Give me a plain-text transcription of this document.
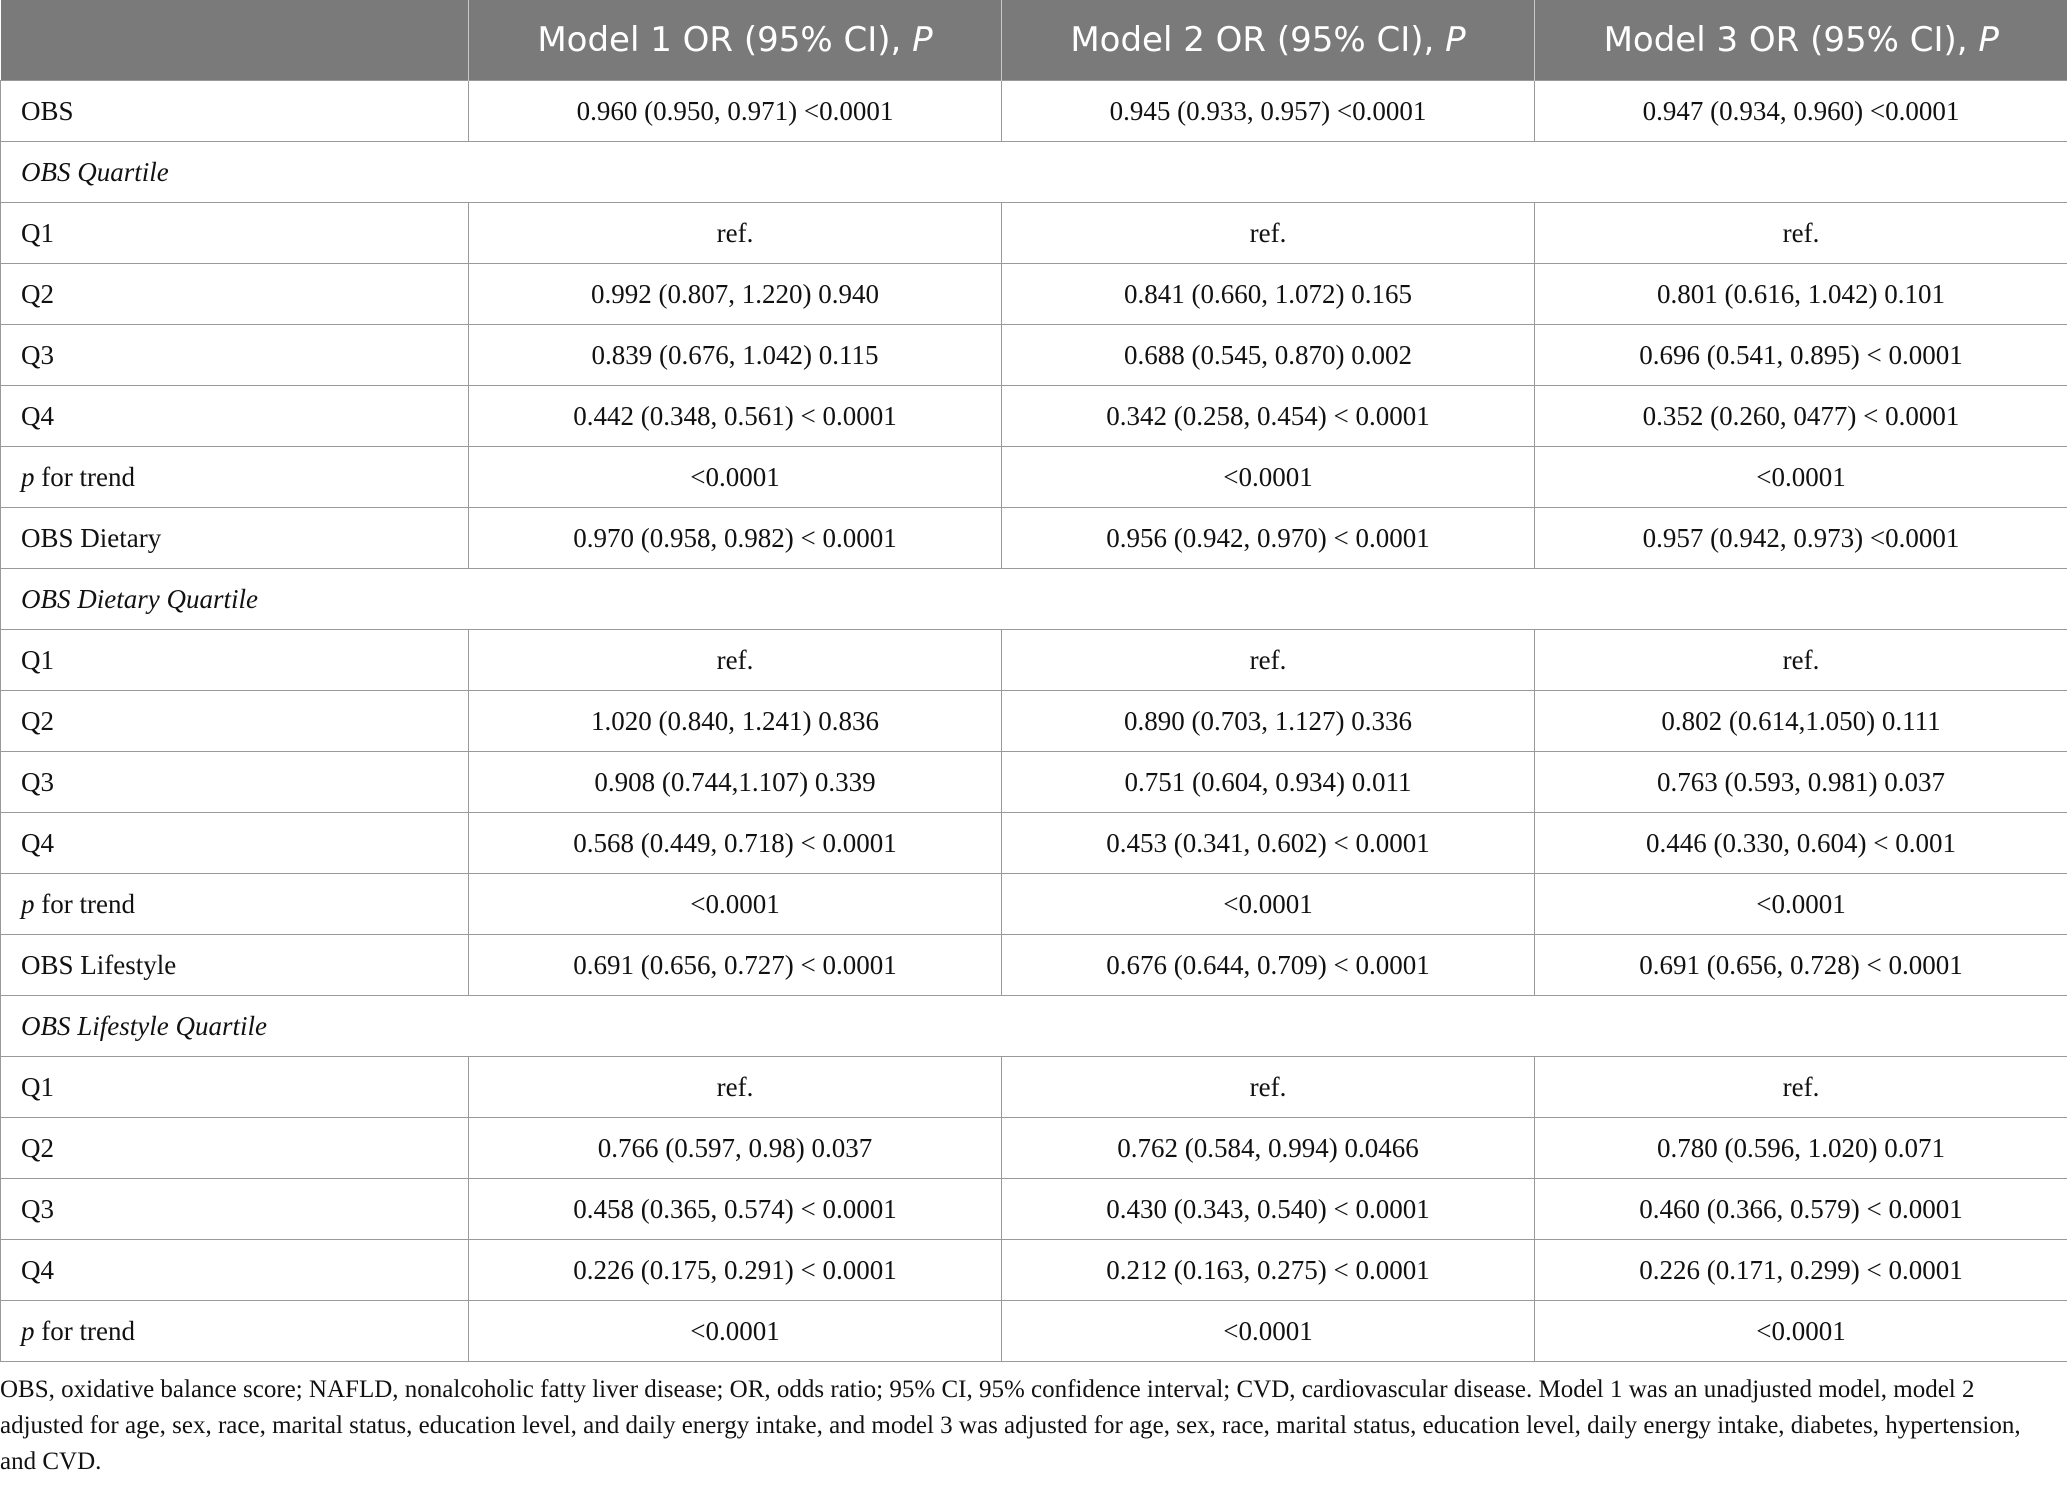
	Model 1 OR (95% CI), P	Model 2 OR (95% CI), P	Model 3 OR (95% CI), P
OBS	0.960 (0.950, 0.971) <0.0001	0.945 (0.933, 0.957) <0.0001	0.947 (0.934, 0.960) <0.0001
OBS Quartile			
Q1	ref.	ref.	ref.
Q2	0.992 (0.807, 1.220) 0.940	0.841 (0.660, 1.072) 0.165	0.801 (0.616, 1.042) 0.101
Q3	0.839 (0.676, 1.042) 0.115	0.688 (0.545, 0.870) 0.002	0.696 (0.541, 0.895) < 0.0001
Q4	0.442 (0.348, 0.561) < 0.0001	0.342 (0.258, 0.454) < 0.0001	0.352 (0.260, 0477) < 0.0001
p for trend	<0.0001	<0.0001	<0.0001
OBS Dietary	0.970 (0.958, 0.982) < 0.0001	0.956 (0.942, 0.970) < 0.0001	0.957 (0.942, 0.973) <0.0001
OBS Dietary Quartile			
Q1	ref.	ref.	ref.
Q2	1.020 (0.840, 1.241) 0.836	0.890 (0.703, 1.127) 0.336	0.802 (0.614,1.050) 0.111
Q3	0.908 (0.744,1.107) 0.339	0.751 (0.604, 0.934) 0.011	0.763 (0.593, 0.981) 0.037
Q4	0.568 (0.449, 0.718) < 0.0001	0.453 (0.341, 0.602) < 0.0001	0.446 (0.330, 0.604) < 0.001
p for trend	<0.0001	<0.0001	<0.0001
OBS Lifestyle	0.691 (0.656, 0.727) < 0.0001	0.676 (0.644, 0.709) < 0.0001	0.691 (0.656, 0.728) < 0.0001
OBS Lifestyle Quartile			
Q1	ref.	ref.	ref.
Q2	0.766 (0.597, 0.98) 0.037	0.762 (0.584, 0.994) 0.0466	0.780 (0.596, 1.020) 0.071
Q3	0.458 (0.365, 0.574) < 0.0001	0.430 (0.343, 0.540) < 0.0001	0.460 (0.366, 0.579) < 0.0001
Q4	0.226 (0.175, 0.291) < 0.0001	0.212 (0.163, 0.275) < 0.0001	0.226 (0.171, 0.299) < 0.0001
p for trend	<0.0001	<0.0001	<0.0001
OBS, oxidative balance score; NAFLD, nonalcoholic fatty liver disease; OR, odds ratio; 95% CI, 95% confidence interval; CVD, cardiovascular disease. Model 1 was an unadjusted model, model 2 adjusted for age, sex, race, marital status, education level, and daily energy intake, and model 3 was adjusted for age, sex, race, marital status, education level, daily energy intake, diabetes, hypertension, and CVD.
